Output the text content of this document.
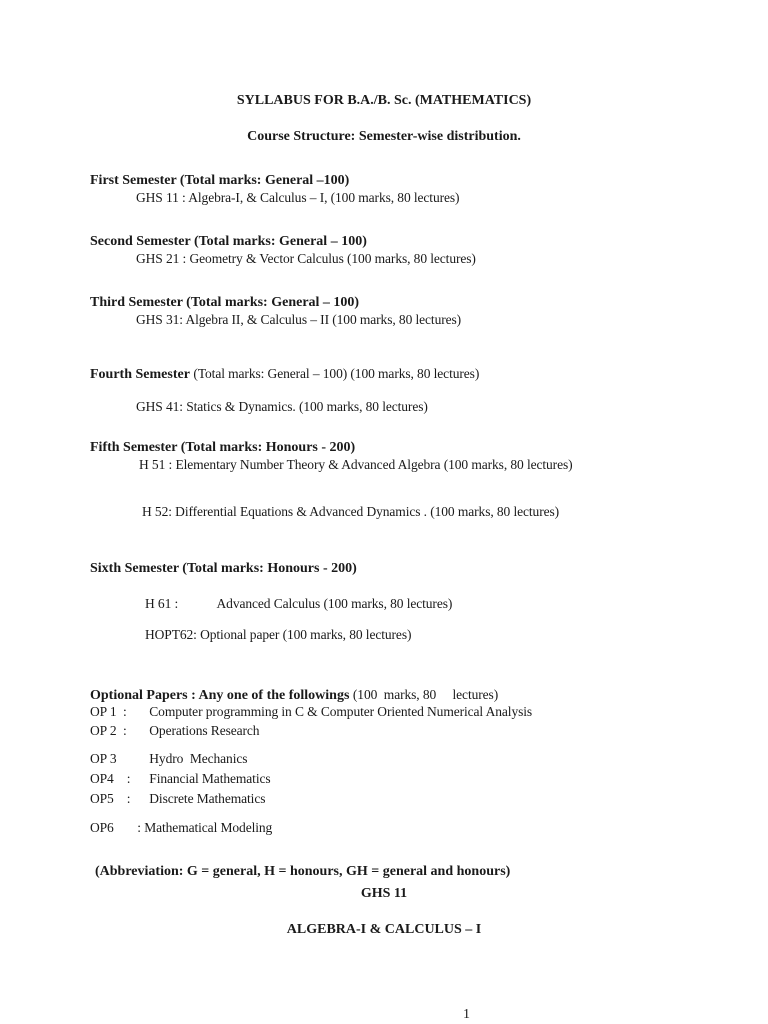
SYLLABUS FOR B.A./B. Sc. (MATHEMATICS)
Course Structure: Semester-wise distribution.
First Semester (Total marks: General –100)
GHS 11 : Algebra-I, & Calculus – I, (100 marks, 80 lectures)
Second Semester (Total marks: General – 100)
GHS 21 : Geometry & Vector Calculus (100 marks, 80 lectures)
Third Semester (Total marks: General – 100)
GHS 31: Algebra II, & Calculus – II (100 marks, 80 lectures)
Fourth Semester (Total marks: General – 100) (100 marks, 80 lectures)
GHS 41: Statics & Dynamics. (100 marks, 80 lectures)
Fifth Semester (Total marks: Honours - 200)
H 51 : Elementary Number Theory & Advanced Algebra (100 marks, 80 lectures)
H 52: Differential Equations & Advanced Dynamics . (100 marks, 80 lectures)
Sixth Semester (Total marks: Honours - 200)
H 61 :	Advanced Calculus (100 marks, 80 lectures)
HOPT62: Optional paper (100 marks, 80 lectures)
Optional Papers : Any one of the followings (100  marks, 80     lectures)
OP 1  : Computer programming in C & Computer Oriented Numerical Analysis
OP 2  : Operations Research
OP 3 Hydro  Mechanics
OP4    : Financial Mathematics
OP5    : Discrete Mathematics
OP6 : Mathematical Modeling
(Abbreviation: G = general, H = honours, GH = general and honours)
GHS 11
ALGEBRA-I & CALCULUS – I
1
